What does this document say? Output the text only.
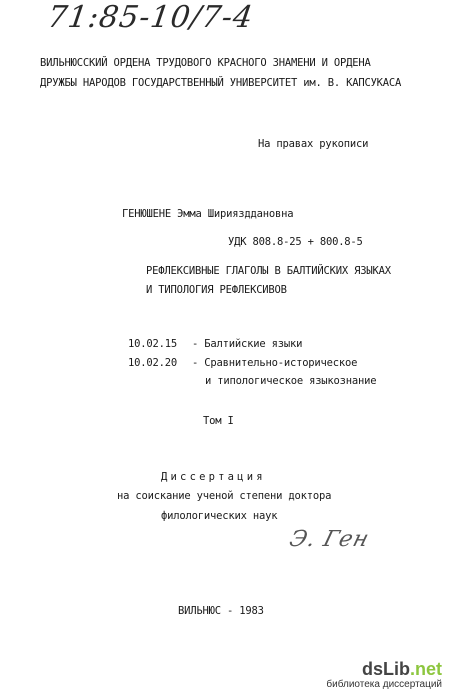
71:85-10/7-4
ВИЛЬНЮССКИЙ ОРДЕНА ТРУДОВОГО КРАСНОГО ЗНАМЕНИ И ОРДЕНА
ДРУЖБЫ НАРОДОВ ГОСУДАРСТВЕННЫЙ УНИВЕРСИТЕТ им. В. КАПСУКАСА
На правах рукописи
ГЕНЮШЕНЕ Эмма Шириязддановна
УДК 808.8-25 + 800.8-5
РЕФЛЕКСИВНЫЕ ГЛАГОЛЫ В БАЛТИЙСКИХ ЯЗЫКАХ
И ТИПОЛОГИЯ РЕФЛЕКСИВОВ
10.02.15 - Балтийские языки
10.02.20 - Сравнительно-историческое
и типологическое языкознание
Том I
Диссертация
на соискание ученой степени доктора
филологических наук
Э. Ген
ВИЛЬНЮС - 1983
dsLib.net
библиотека диссертаций
